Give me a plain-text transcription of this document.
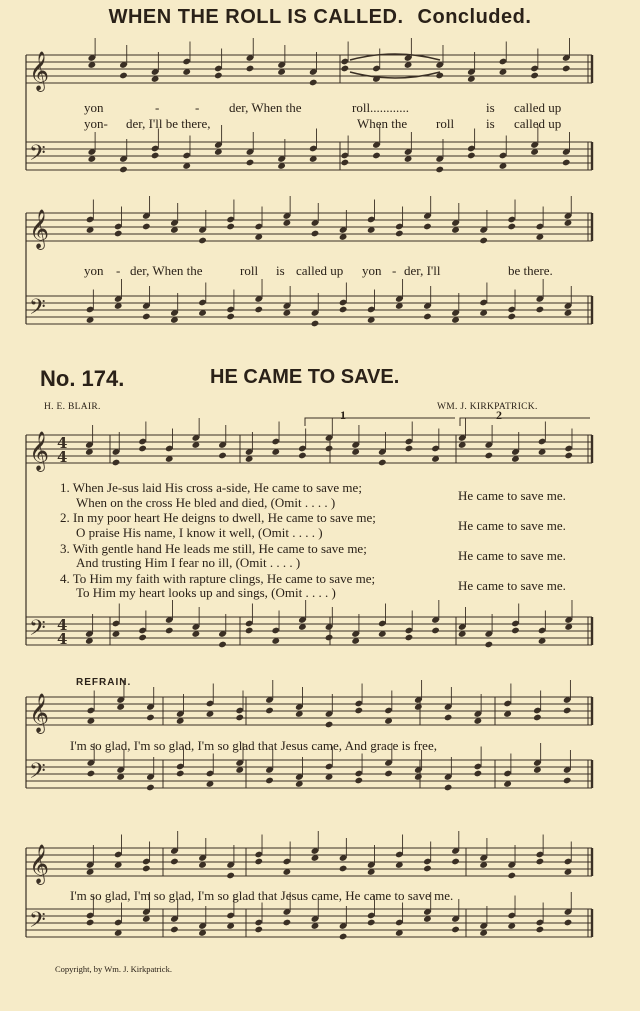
WHEN THE ROLL IS CALLED. Concluded.
yon	-	- der, When the	roll............	is called up
yon- der, I'll be there,	When the roll is called up
yon - der, When the	roll is called up yon - der, I'll	be there.
No. 174.	HE CAME TO SAVE.
H. E. BLAIR.	WM. J. KIRKPATRICK.
1	2
1. When Je-sus laid His cross a-side, He came to save me;
When on the cross He bled and died, (Omit . . . . )	He came to save me.
2. In my poor heart He deigns to dwell, He came to save me;
O praise His name, I know it well, (Omit . . . . )	He came to save me.
3. With gentle hand He leads me still, He came to save me;
And trusting Him I fear no ill, (Omit . . . . )	He came to save me.
4. To Him my faith with rapture clings, He came to save me;
To Him my heart looks up and sings, (Omit . . . . )	He came to save me.
REFRAIN.
I'm so glad, I'm so glad, I'm so glad that Jesus came, And grace is free,
I'm so glad, I'm so glad, I'm so glad that Jesus came, He came to save me.
Copyright, by Wm. J. Kirkpatrick.
𝄞
𝄢
𝄞
𝄢
𝄞
𝄢
𝄞
𝄢
𝄞
𝄢
4
4
4
4
